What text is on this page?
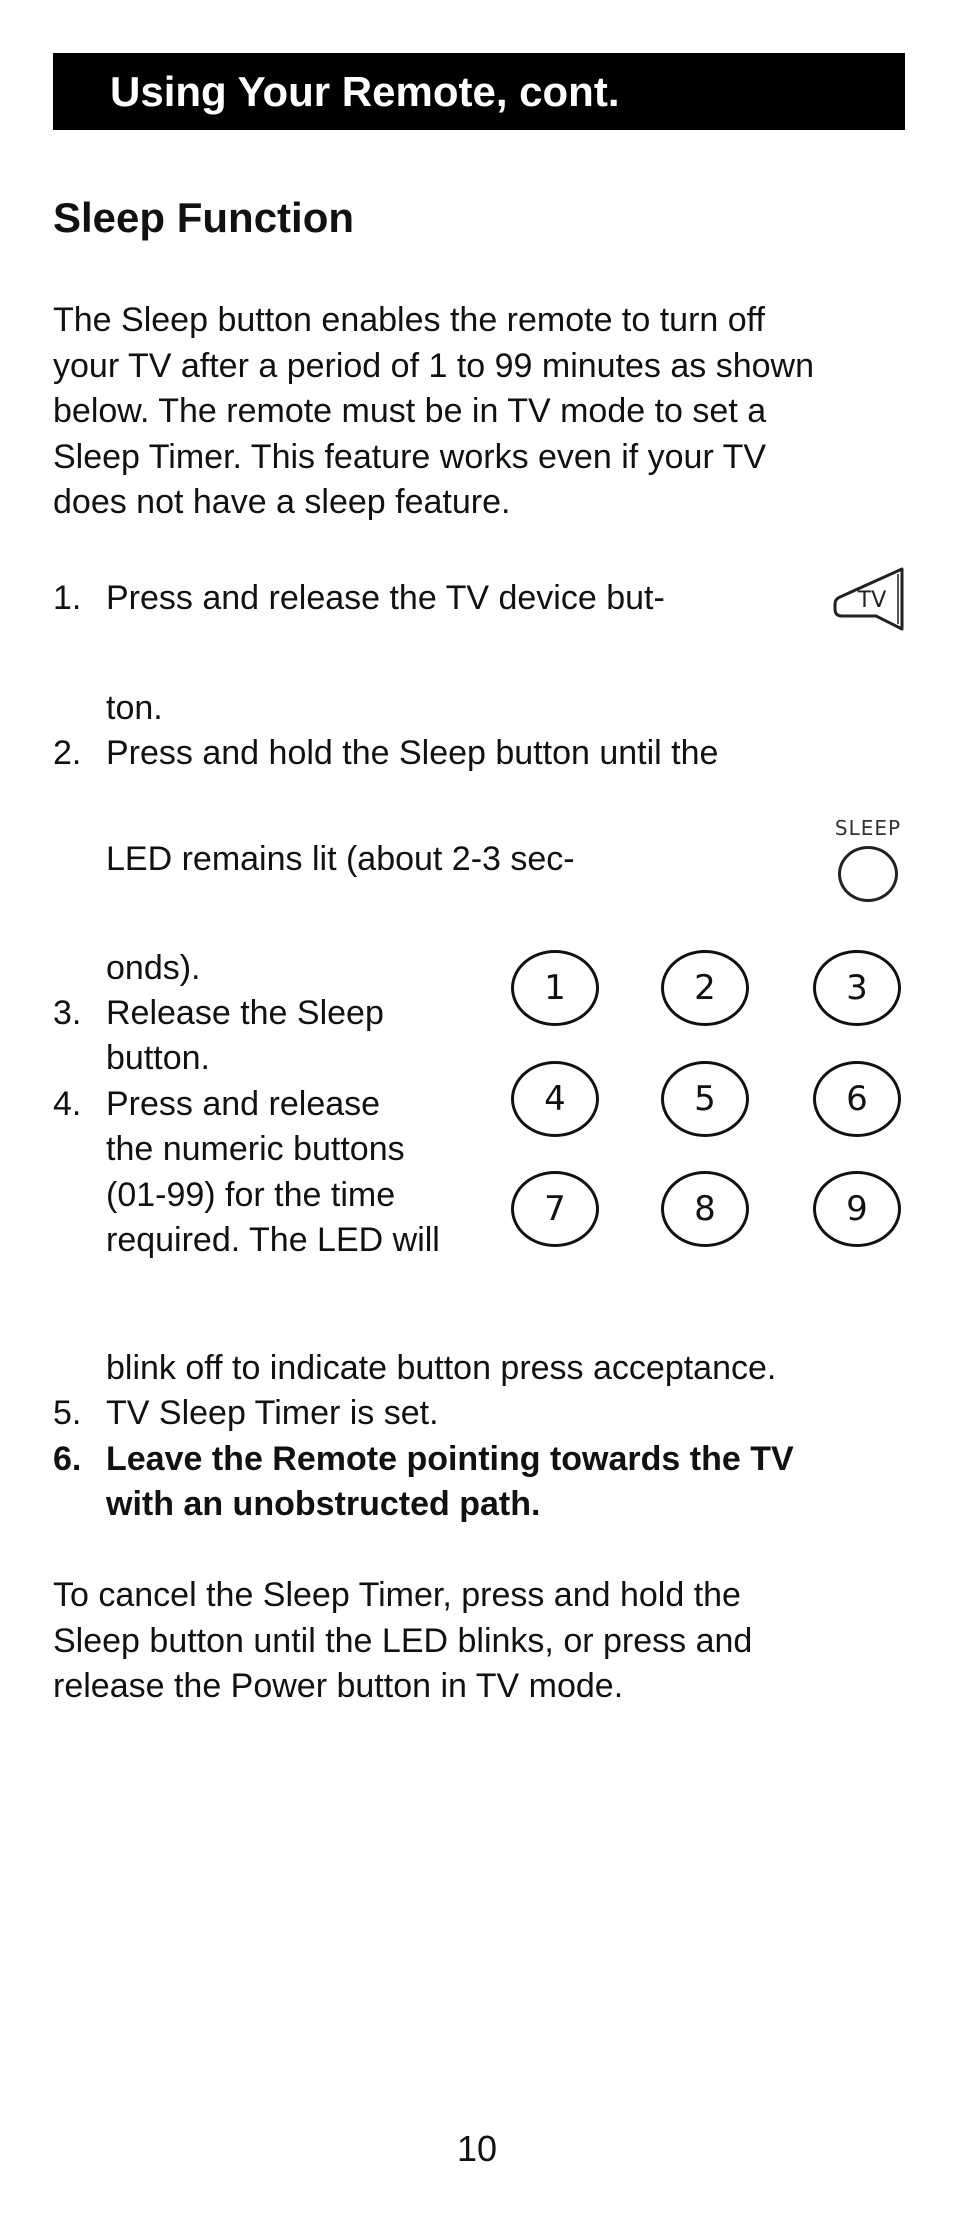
Using Your Remote, cont.
Sleep Function

The Sleep button enables the remote to turn off

your TV after a period of 1 to 99 minutes as shown

below. The remote must be in TV mode to set a

Sleep Timer. This feature works even if your TV

does not have a sleep feature.

1. Press and release the TV device but-
ton.
TV
2. Press and hold the Sleep button until the
LED remains lit (about 2-3 sec-
onds).
SLEEP
3. Release the Sleep
button.
4. Press and release
the numeric buttons
(01-99) for the time
required. The LED will
blink off to indicate button press acceptance.
1	2	3
4	5	6
7	8	9
5. TV Sleep Timer is set.
6. Leave the Remote pointing towards the TV
with an unobstructed path.

To cancel the Sleep Timer, press and hold the

Sleep button until the LED blinks, or press and

release the Power button in TV mode.

10
